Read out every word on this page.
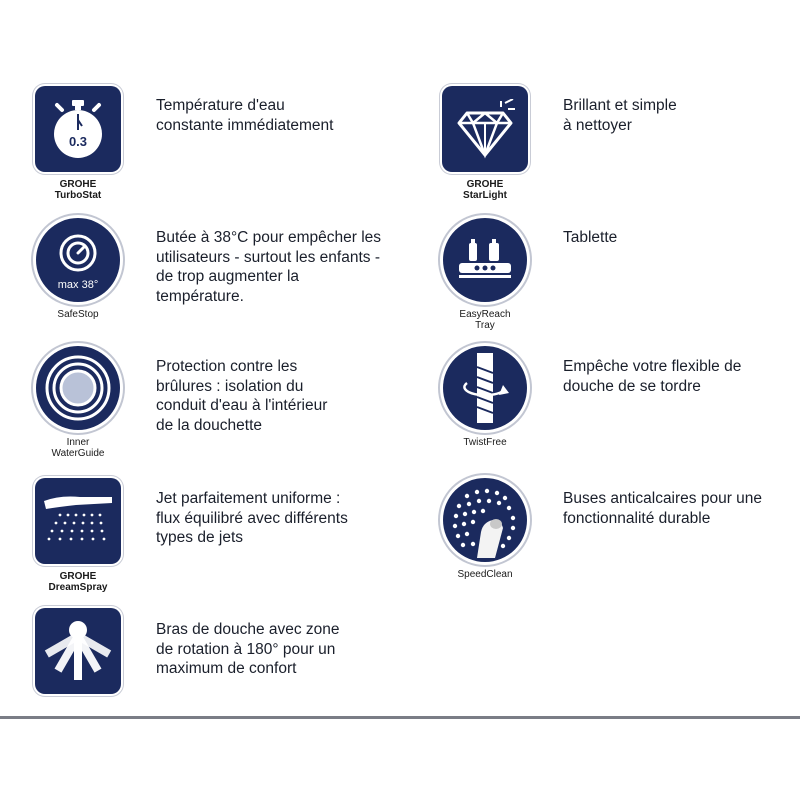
0.3
GROHE
TurboStat
Température d'eau
constante immédiatement
GROHE
StarLight
Brillant et simple
à nettoyer
max 38°
SafeStop
Butée à 38°C pour empêcher les
utilisateurs - surtout les enfants -
de trop augmenter la
température.
EasyReach
Tray
Tablette
Inner
WaterGuide
Protection contre les
brûlures : isolation du
conduit d'eau à l'intérieur
de la douchette
TwistFree
Empêche votre flexible de
douche de se tordre
GROHE
DreamSpray
Jet parfaitement uniforme :
flux équilibré avec différents
types de jets
SpeedClean
Buses anticalcaires pour une
fonctionnalité durable
Bras de douche avec zone
de rotation à 180° pour un
maximum de confort
